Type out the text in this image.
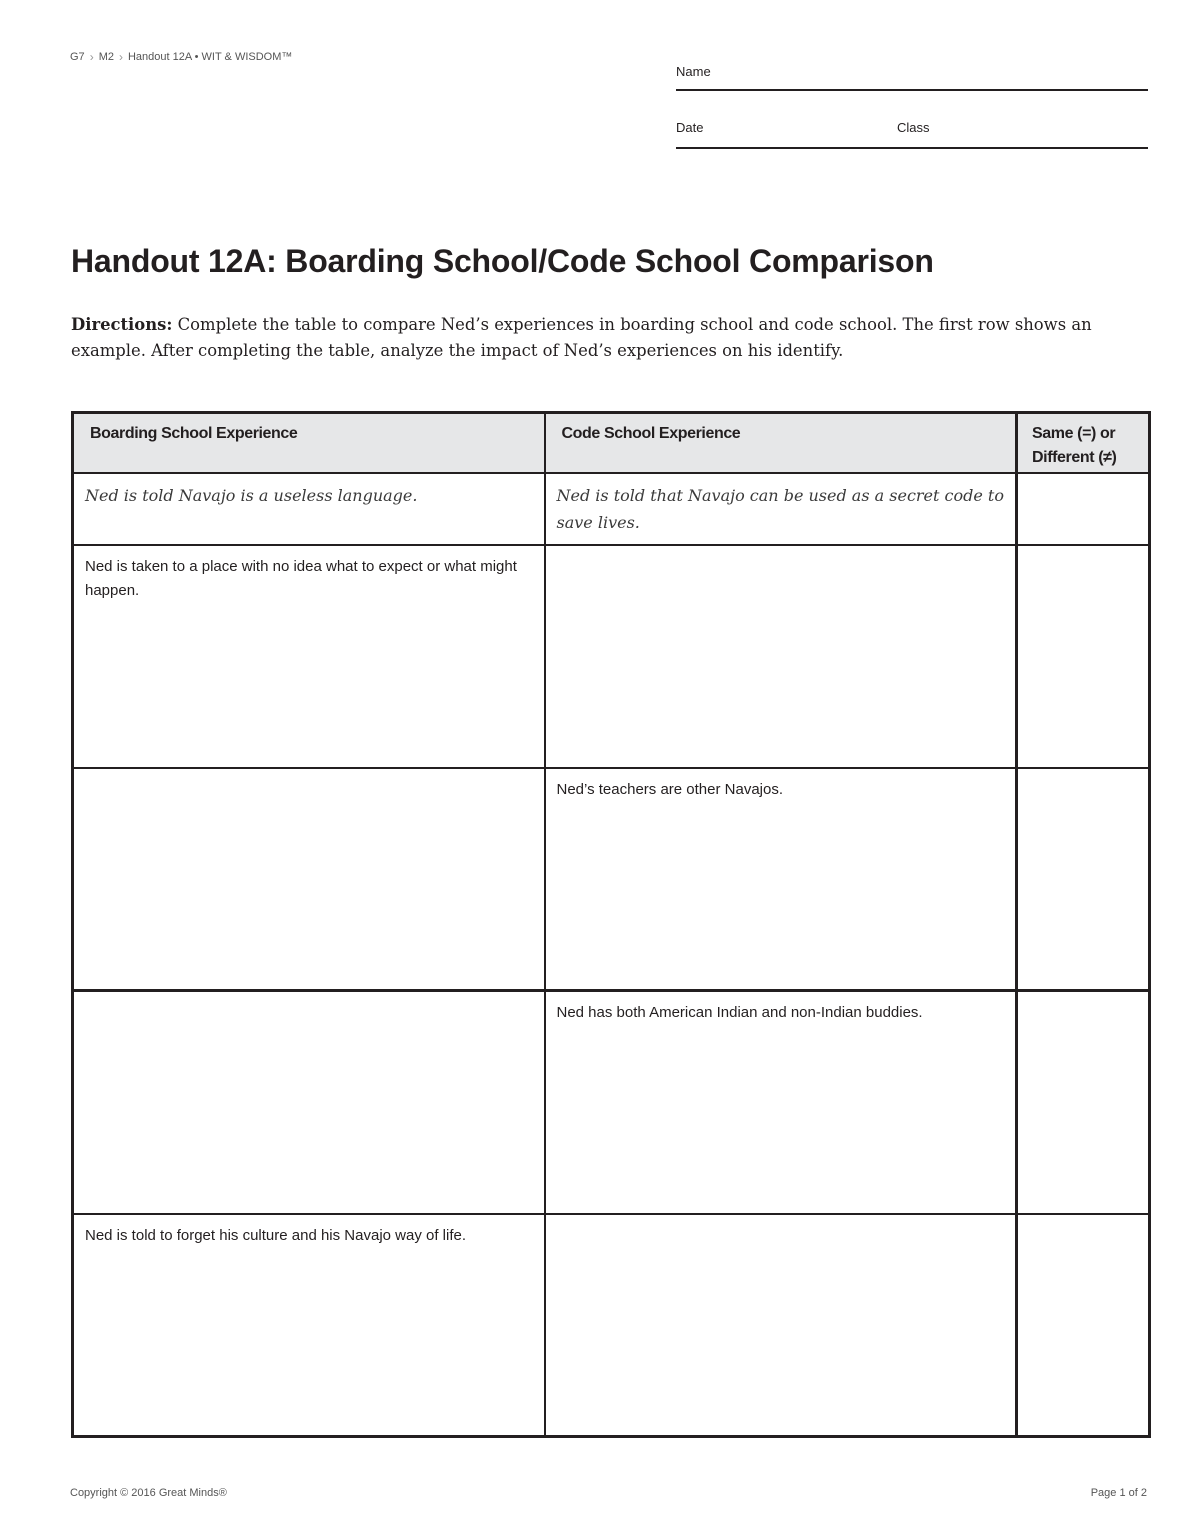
G7 › M2 › Handout 12A • WIT & WISDOM™
Name
Date	Class
Handout 12A: Boarding School/Code School Comparison

Directions: Complete the table to compare Ned’s experiences in boarding school and code school. The first row shows an example. After completing the table, analyze the impact of Ned’s experiences on his identify.

Boarding School Experience	Code School Experience	Same (=) or
Different (≠)

Ned is told Navajo is a useless language.	Ned is told that Navajo can be used as a secret code to save lives.	
Ned is taken to a place with no idea what to expect or what might happen.		
	Ned’s teachers are other Navajos.	
	Ned has both American Indian and non-Indian buddies.	
Ned is told to forget his culture and his Navajo way of life.		
Copyright © 2016 Great Minds®	Page 1 of 2
